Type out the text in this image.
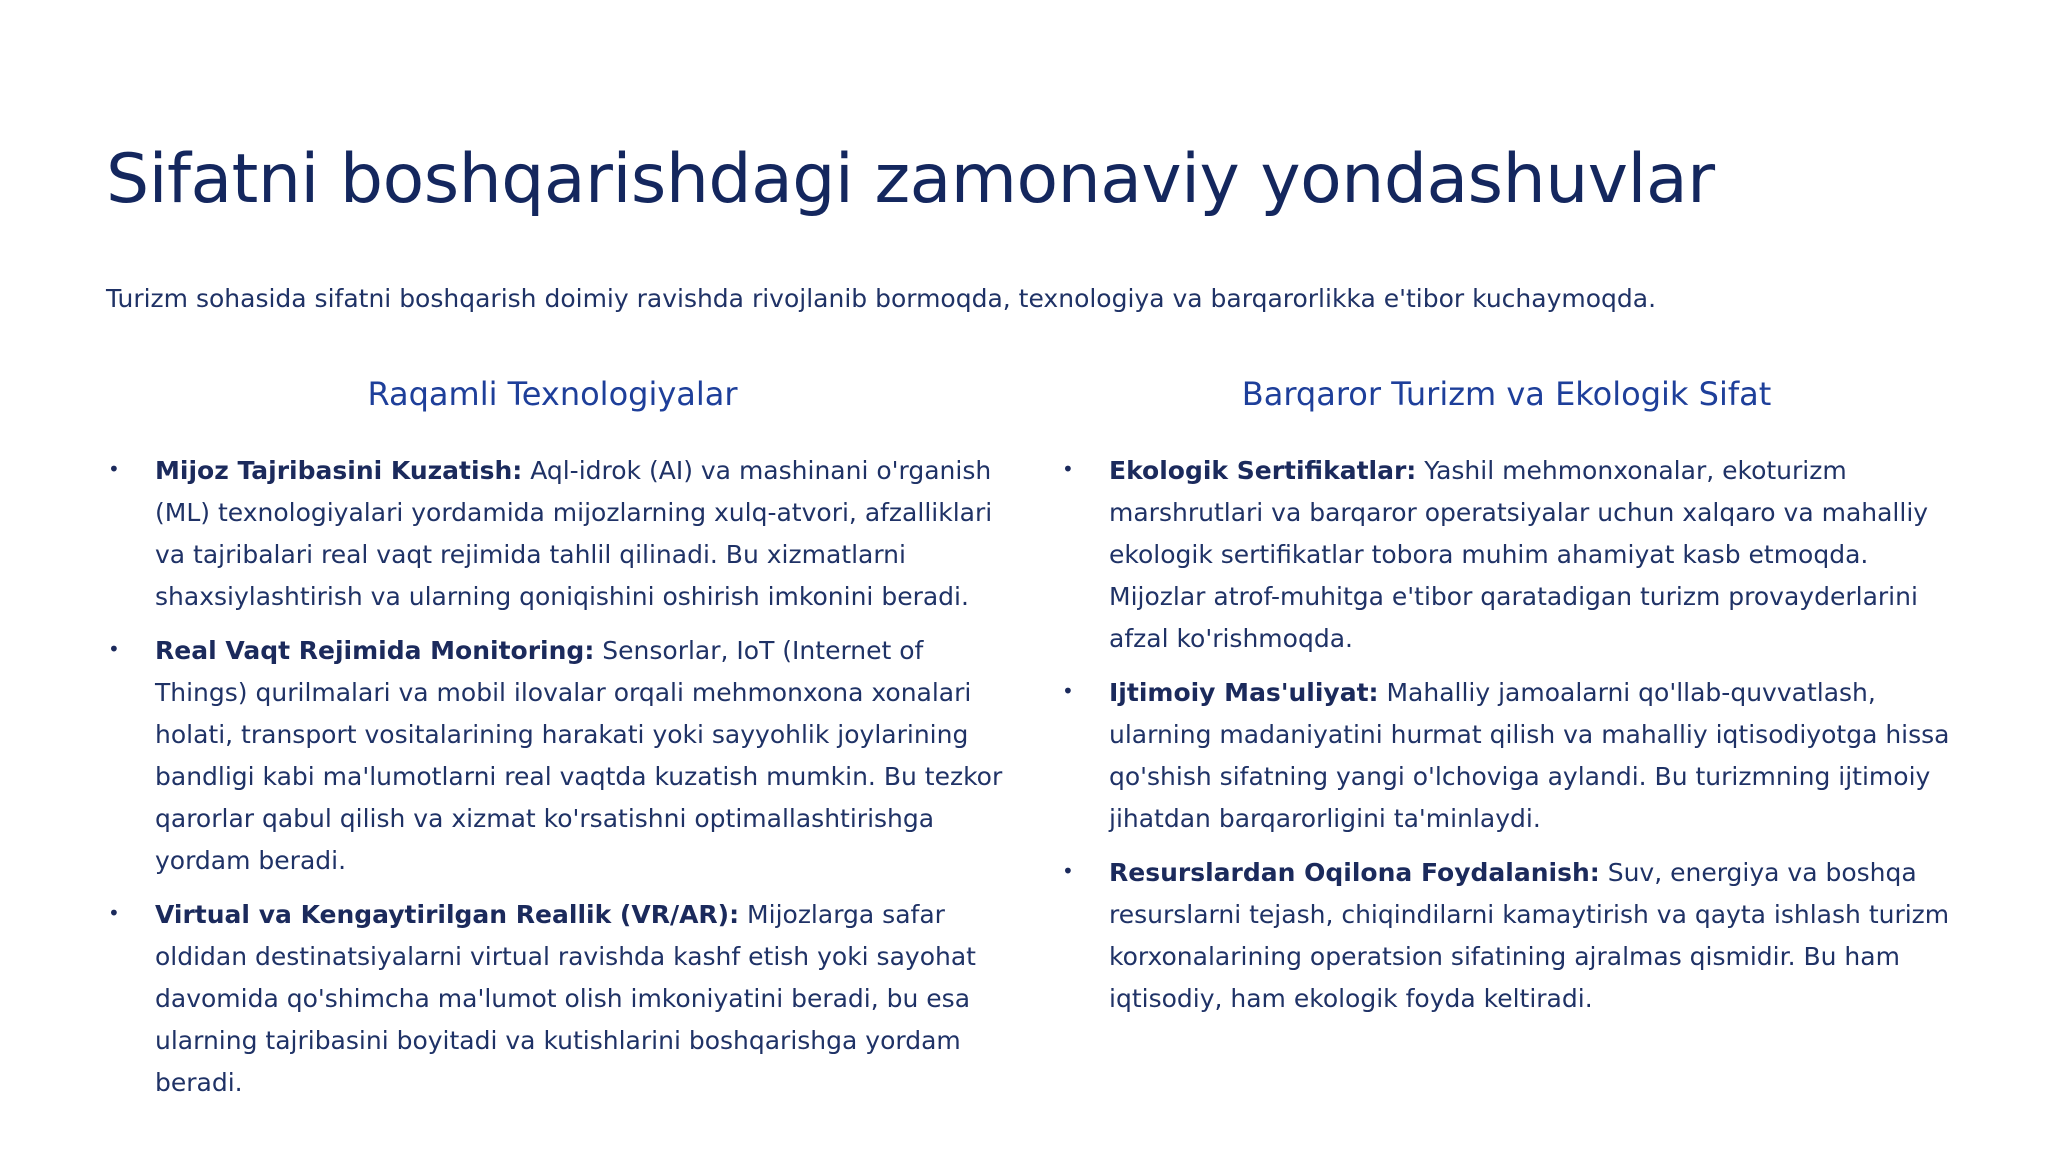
Sifatni boshqarishdagi zamonaviy yondashuvlar

Turizm sohasida sifatni boshqarish doimiy ravishda rivojlanib bormoqda, texnologiya va barqarorlikka e'tibor kuchaymoqda.

Raqamli Texnologiyalar
• Mijoz Tajribasini Kuzatish: Aql-idrok (AI) va mashinani o'rganish (ML) texnologiyalari yordamida mijozlarning xulq-atvori, afzalliklari va tajribalari real vaqt rejimida tahlil qilinadi. Bu xizmatlarni shaxsiylashtirish va ularning qoniqishini oshirish imkonini beradi.
• Real Vaqt Rejimida Monitoring: Sensorlar, IoT (Internet of Things) qurilmalari va mobil ilovalar orqali mehmonxona xonalari holati, transport vositalarining harakati yoki sayyohlik joylarining bandligi kabi ma'lumotlarni real vaqtda kuzatish mumkin. Bu tezkor qarorlar qabul qilish va xizmat ko'rsatishni optimallashtirishga yordam beradi.
• Virtual va Kengaytirilgan Reallik (VR/AR): Mijozlarga safar oldidan destinatsiyalarni virtual ravishda kashf etish yoki sayohat davomida qo'shimcha ma'lumot olish imkoniyatini beradi, bu esa ularning tajribasini boyitadi va kutishlarini boshqarishga yordam beradi.
Barqaror Turizm va Ekologik Sifat
• Ekologik Sertifikatlar: Yashil mehmonxonalar, ekoturizm marshrutlari va barqaror operatsiyalar uchun xalqaro va mahalliy ekologik sertifikatlar tobora muhim ahamiyat kasb etmoqda. Mijozlar atrof-muhitga e'tibor qaratadigan turizm provayderlarini afzal ko'rishmoqda.
• Ijtimoiy Mas'uliyat: Mahalliy jamoalarni qo'llab-quvvatlash, ularning madaniyatini hurmat qilish va mahalliy iqtisodiyotga hissa qo'shish sifatning yangi o'lchoviga aylandi. Bu turizmning ijtimoiy jihatdan barqarorligini ta'minlaydi.
• Resurslardan Oqilona Foydalanish: Suv, energiya va boshqa resurslarni tejash, chiqindilarni kamaytirish va qayta ishlash turizm korxonalarining operatsion sifatining ajralmas qismidir. Bu ham iqtisodiy, ham ekologik foyda keltiradi.
